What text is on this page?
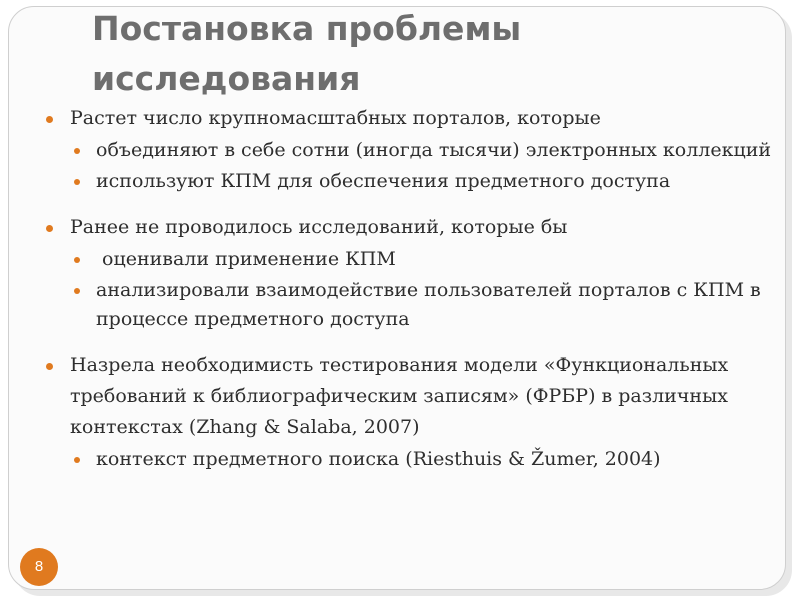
Постановка проблемы
исследования
Растет число крупномасштабных порталов, которые
объединяют в себе сотни (иногда тысячи) электронных коллекций
используют КПМ для обеспечения предметного доступа
Ранее не проводилось исследований, которые бы
оценивали применение КПМ
анализировали взаимодействие пользователей порталов с КПМ в процессе предметного доступа
Назрела необходимисть тестирования модели «Функциональных требований к библиографическим записям» (ФРБР) в различных контекстах (Zhang & Salaba, 2007)
контекст предметного поиска (Riesthuis & Žumer, 2004)
8
